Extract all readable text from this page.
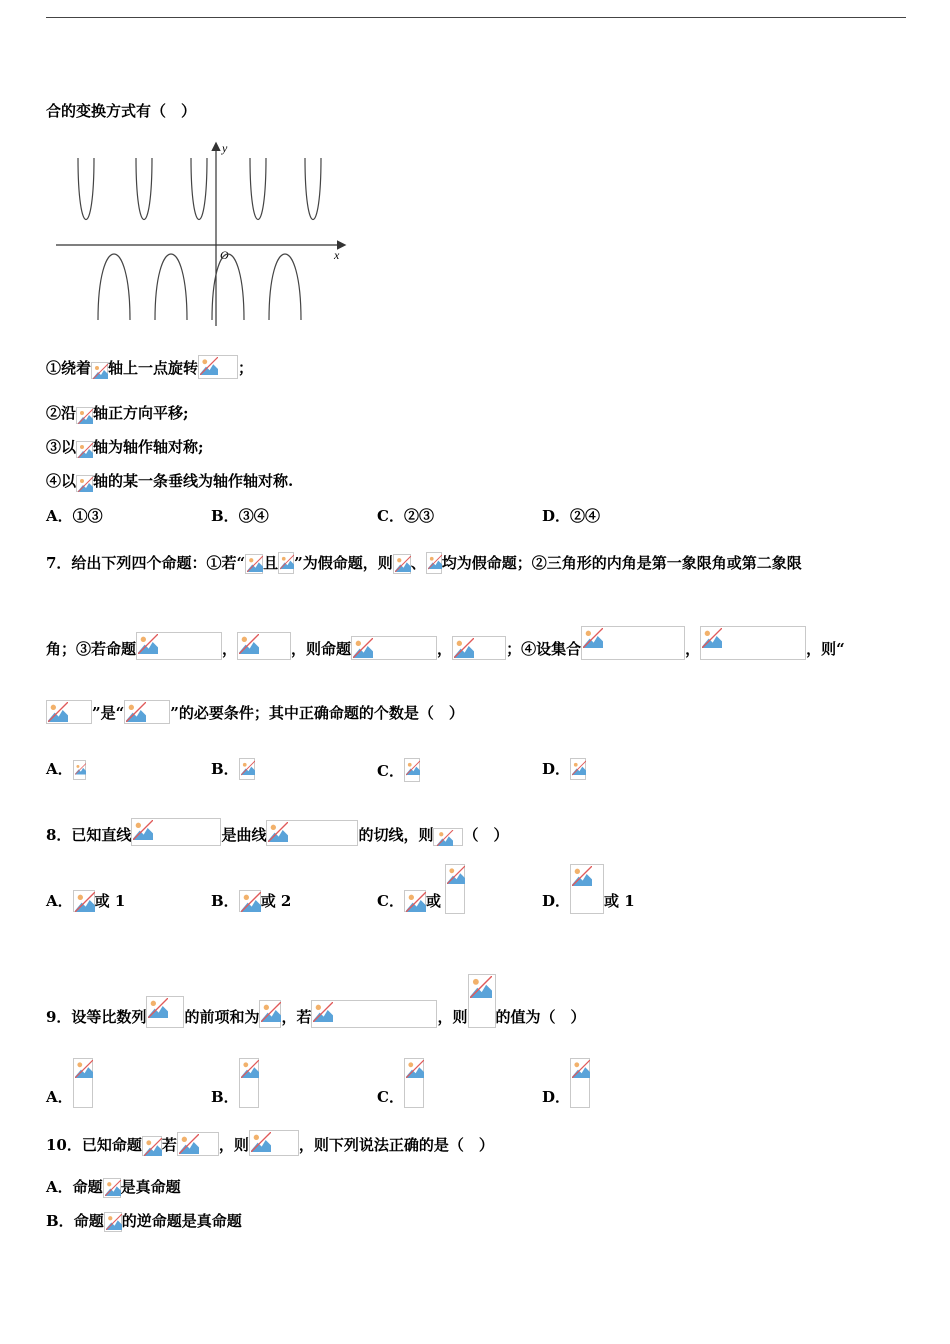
合的变换方式有（　）
y
x
O
①绕着 轴上一点旋转	；
②沿 轴正方向平移;
③以 轴为轴作轴对称;
④以 轴的某一条垂线为轴作轴对称.
A．①③	B．③④	C．②③	D．②④
7．给出下列四个命题：①若“ 且 ”为假命题，则 、 均为假命题；②三角形的内角是第一象限角或第二象限
角；③若命题	，	，则命题	，	；④设集合	，	，则“
”是“	”的必要条件；其中正确命题的个数是（　）
A．	B．	C．	D．
8．已知直线	是曲线	的切线，则 （　）
A． 或 1	B． 或 2	C． 或	D． 或 1
9．设等比数列	的前项和为 ，若	，则 的值为（　）
A．	B．	C．	D．
10．已知命题 若	，则	，则下列说法正确的是（　）
A．命题 是真命题
B．命题 的逆命题是真命题
